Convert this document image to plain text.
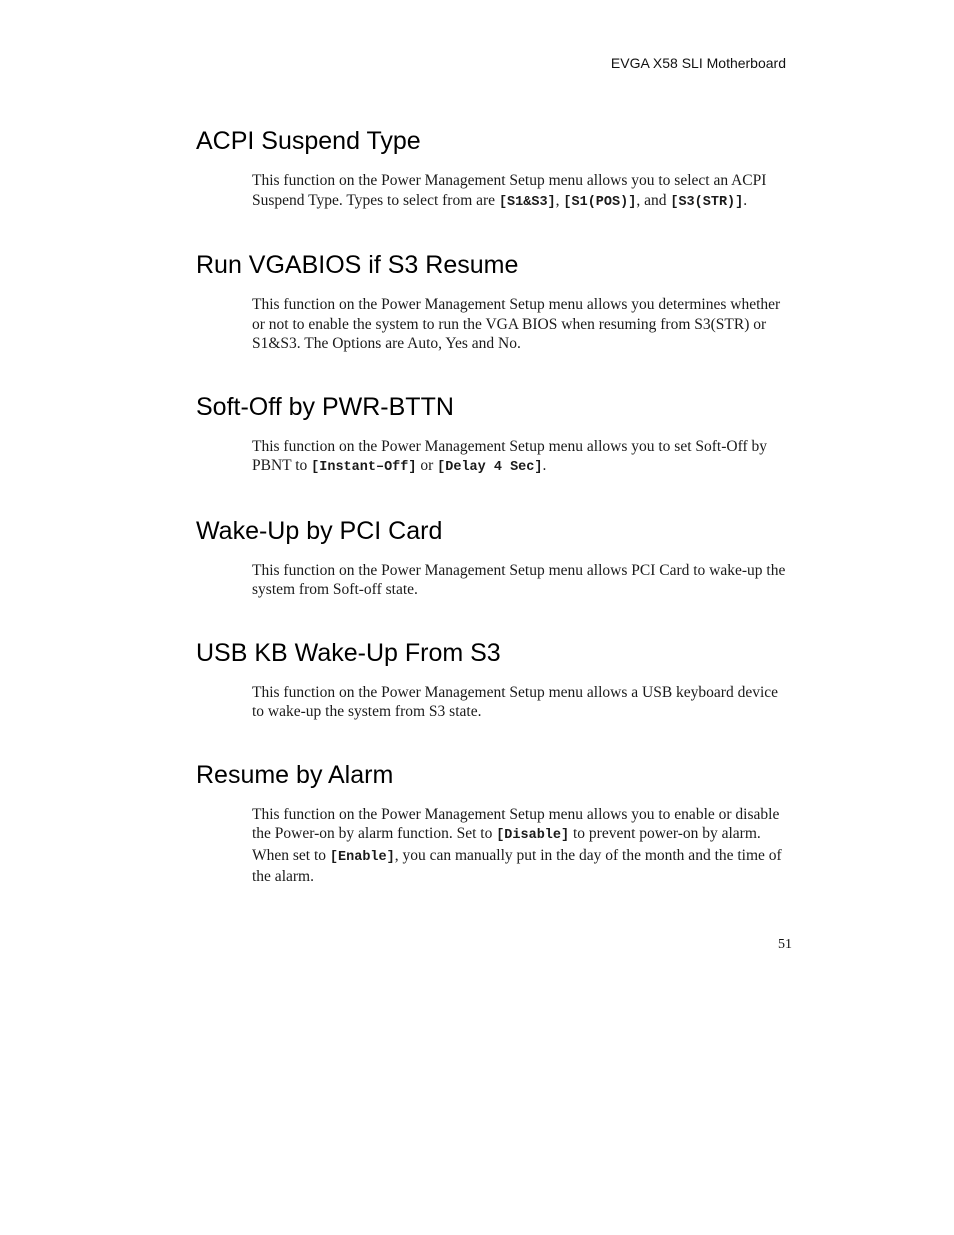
EVGA X58 SLI Motherboard
ACPI Suspend Type

This function on the Power Management Setup menu allows you to select an ACPI Suspend Type. Types to select from are [S1&S3], [S1(POS)], and [S3(STR)].

Run VGABIOS if S3 Resume

This function on the Power Management Setup menu allows you determines whether or not to enable the system to run the VGA BIOS when resuming from S3(STR) or S1&S3. The Options are Auto, Yes and No.

Soft-Off by PWR-BTTN

This function on the Power Management Setup menu allows you to set Soft-Off by PBNT to [Instant–Off] or [Delay 4 Sec].

Wake-Up by PCI Card

This function on the Power Management Setup menu allows PCI Card to wake-up the system from Soft-off state.

USB KB Wake-Up From S3

This function on the Power Management Setup menu allows a USB keyboard device to wake-up the system from S3 state.

Resume by Alarm

This function on the Power Management Setup menu allows you to enable or disable the Power-on by alarm function. Set to [Disable] to prevent power-on by alarm. When set to [Enable], you can manually put in the day of the month and the time of the alarm.

51
